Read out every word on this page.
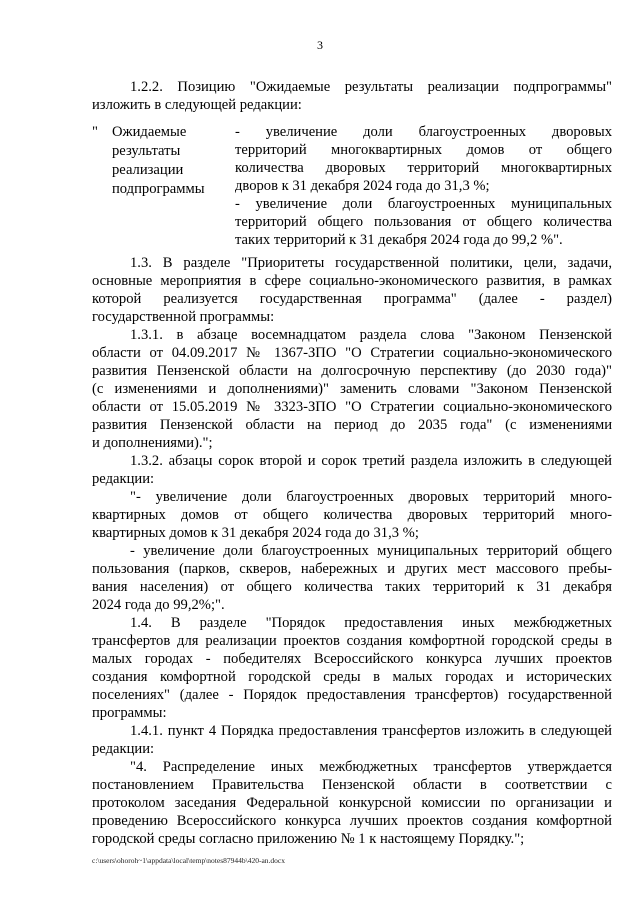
3
1.2.2. Позицию "Ожидаемые результаты реализации подпрограммы"
изложить в следующей редакции:
" Ожидаемые
результаты
реализации
подпрограммы
- увеличение доли благоустроенных дворовых
территорий многоквартирных домов от общего
количества дворовых территорий многоквартирных
дворов к 31 декабря 2024 года до 31,3 %;
- увеличение доли благоустроенных муниципальных
территорий общего пользования от общего количества
таких территорий к 31 декабря 2024 года до 99,2 %".
1.3. В разделе "Приоритеты государственной политики, цели, задачи,
основные мероприятия в сфере социально-экономического развития, в рамках
которой реализуется государственная программа" (далее - раздел)
государственной программы:
1.3.1. в абзаце восемнадцатом раздела слова "Законом Пензенской
области от 04.09.2017 № 1367-ЗПО "О Стратегии социально-экономического
развития Пензенской области на долгосрочную перспективу (до 2030 года)"
(с изменениями и дополнениями)" заменить словами "Законом Пензенской
области от 15.05.2019 № 3323-ЗПО "О Стратегии социально-экономического
развития Пензенской области на период до 2035 года" (с изменениями
и дополнениями).";
1.3.2. абзацы сорок второй и сорок третий раздела изложить в следующей
редакции:
"- увеличение доли благоустроенных дворовых территорий много-
квартирных домов от общего количества дворовых территорий много-
квартирных домов к 31 декабря 2024 года до 31,3 %;
- увеличение доли благоустроенных муниципальных территорий общего
пользования (парков, скверов, набережных и других мест массового пребы-
вания населения) от общего количества таких территорий к 31 декабря
2024 года до 99,2%;".
1.4. В разделе "Порядок предоставления иных межбюджетных
трансфертов для реализации проектов создания комфортной городской среды в
малых городах - победителях Всероссийского конкурса лучших проектов
создания комфортной городской среды в малых городах и исторических
поселениях" (далее - Порядок предоставления трансфертов) государственной
программы:
1.4.1. пункт 4 Порядка предоставления трансфертов изложить в следующей
редакции:
"4. Распределение иных межбюджетных трансфертов утверждается
постановлением Правительства Пензенской области в соответствии с
протоколом заседания Федеральной конкурсной комиссии по организации и
проведению Всероссийского конкурса лучших проектов создания комфортной
городской среды согласно приложению № 1 к настоящему Порядку.";
c:\users\ohoroh~1\appdata\local\temp\notes87944b\420-an.docx
